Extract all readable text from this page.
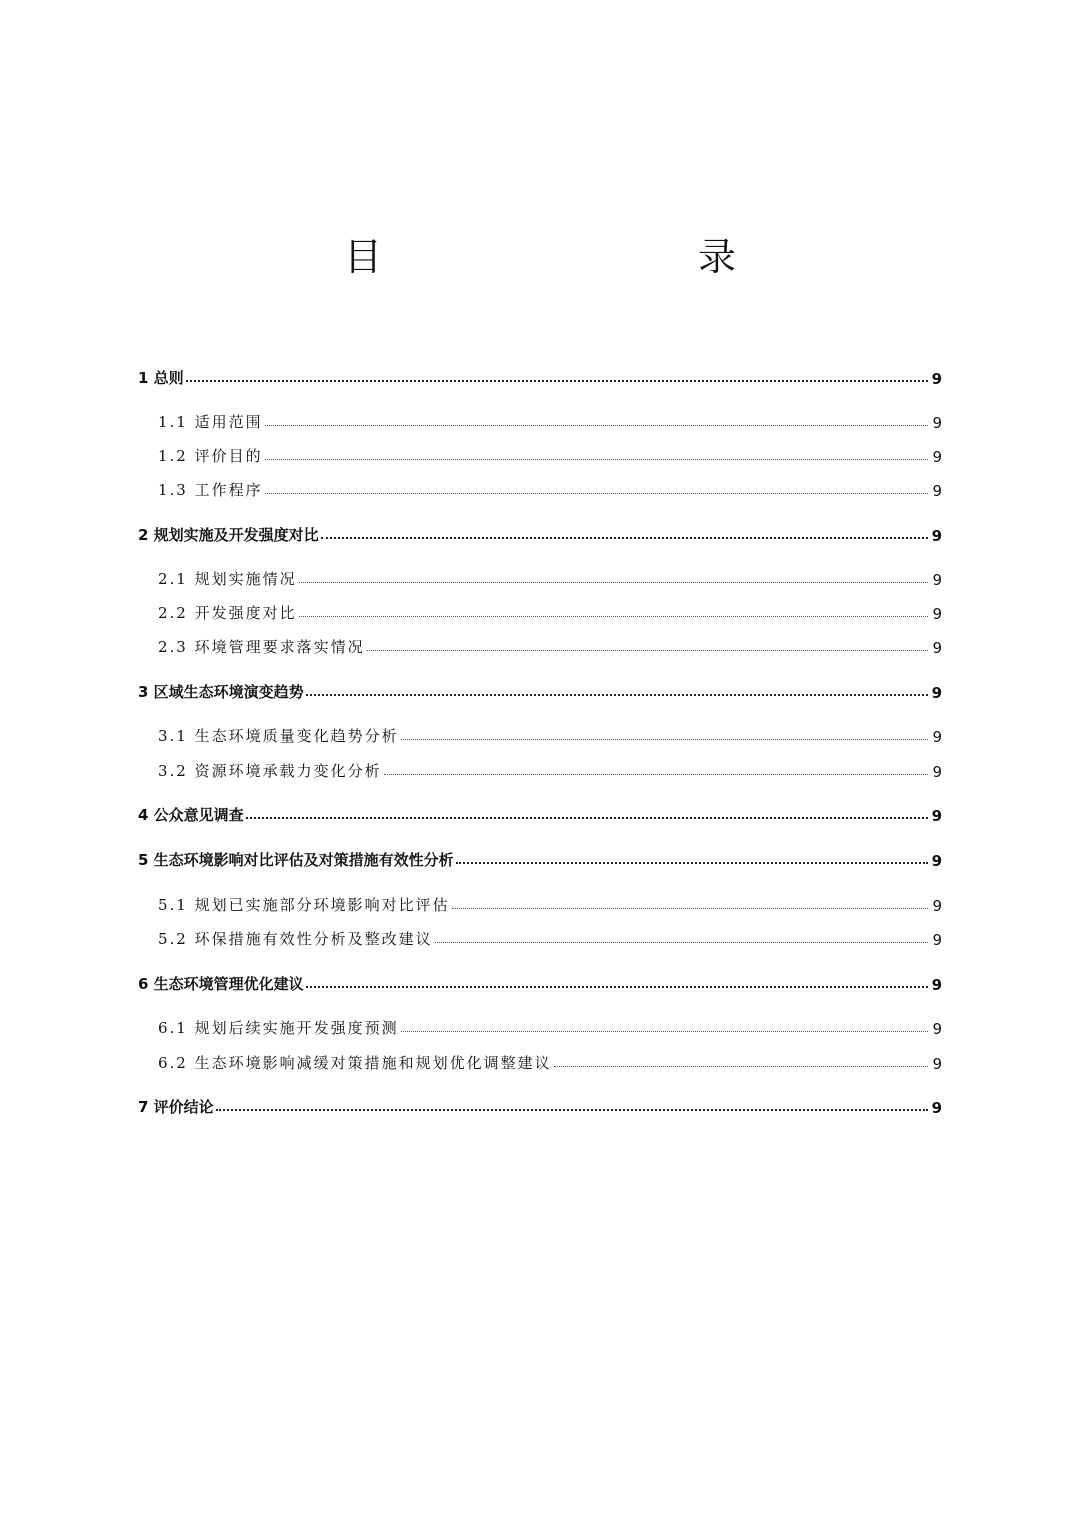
目　　录
1 总则	9
1.1 适用范围	9
1.2 评价目的	9
1.3 工作程序	9
2 规划实施及开发强度对比	9
2.1 规划实施情况	9
2.2 开发强度对比	9
2.3 环境管理要求落实情况	9
3 区域生态环境演变趋势	9
3.1 生态环境质量变化趋势分析	9
3.2 资源环境承载力变化分析	9
4 公众意见调查	9
5 生态环境影响对比评估及对策措施有效性分析	9
5.1 规划已实施部分环境影响对比评估	9
5.2 环保措施有效性分析及整改建议	9
6 生态环境管理优化建议	9
6.1 规划后续实施开发强度预测	9
6.2 生态环境影响减缓对策措施和规划优化调整建议	9
7 评价结论	9
